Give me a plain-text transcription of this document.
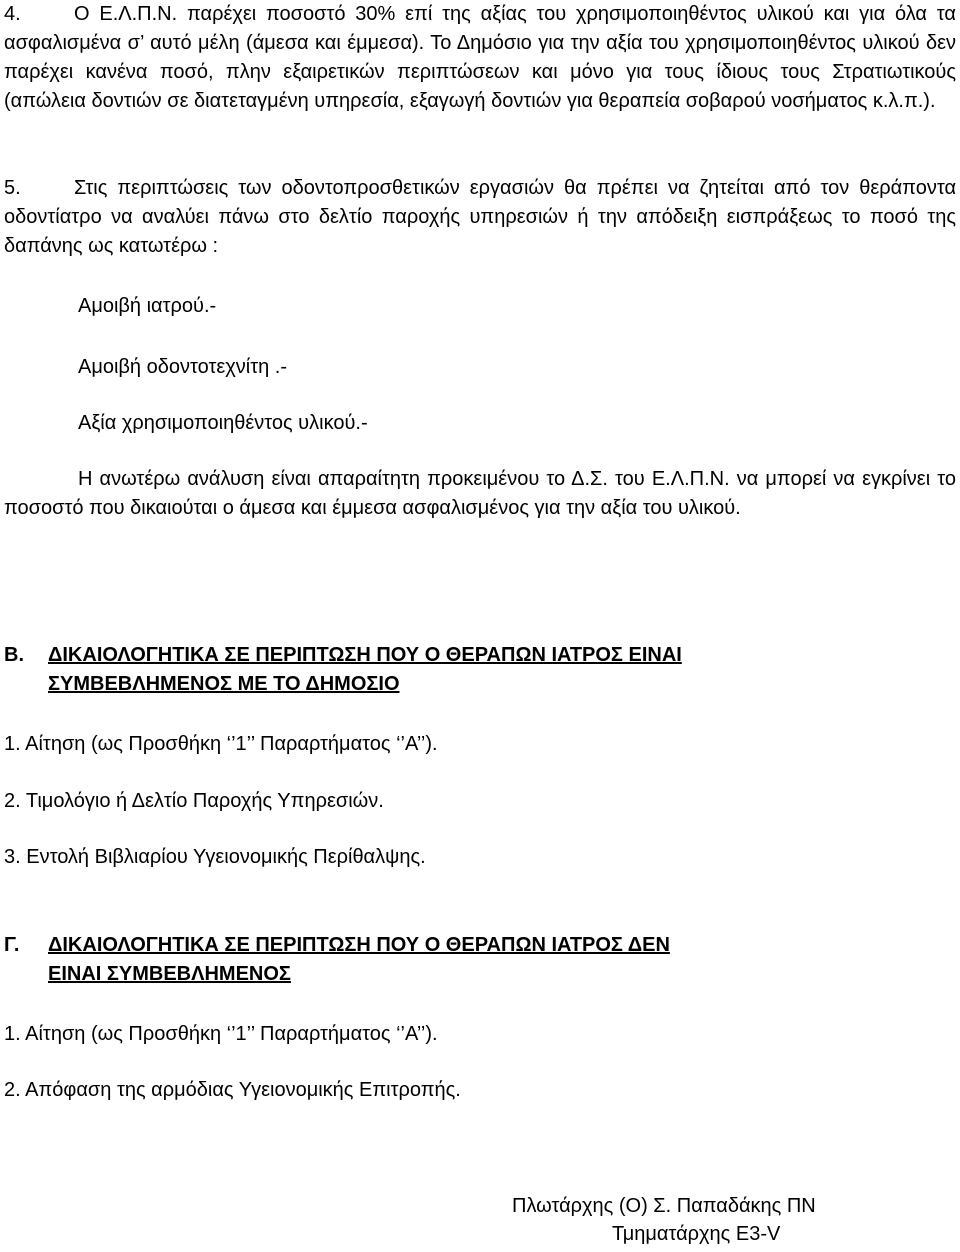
4.	Ο Ε.Λ.Π.Ν. παρέχει ποσοστό 30% επί της αξίας του χρησιμοποιηθέντος υλικού και για όλα τα ασφαλισμένα σ’ αυτό μέλη (άμεσα και έμμεσα). Το Δημόσιο για την αξία του χρησιμοποιηθέντος υλικού δεν παρέχει κανένα ποσό, πλην εξαιρετικών περιπτώσεων και μόνο για τους ίδιους τους Στρατιωτικούς (απώλεια δοντιών σε διατεταγμένη υπηρεσία, εξαγωγή δοντιών για θεραπεία σοβαρού νοσήματος κ.λ.π.).

5.	Στις περιπτώσεις των οδοντοπροσθετικών εργασιών θα πρέπει να ζητείται από τον θεράποντα οδοντίατρο να αναλύει πάνω στο δελτίο παροχής υπηρεσιών ή την απόδειξη εισπράξεως το ποσό της δαπάνης ως κατωτέρω :

Αμοιβή ιατρού.-

Αμοιβή οδοντοτεχνίτη .-

Αξία χρησιμοποιηθέντος υλικού.-

Η ανωτέρω ανάλυση είναι απαραίτητη προκειμένου το Δ.Σ. του Ε.Λ.Π.Ν. να μπορεί να εγκρίνει το ποσοστό που δικαιούται ο άμεσα και έμμεσα ασφαλισμένος για την αξία του υλικού.

Β. ΔΙΚΑΙΟΛΟΓΗΤΙΚΑ ΣΕ ΠΕΡΙΠΤΩΣΗ ΠΟΥ Ο ΘΕΡΑΠΩΝ ΙΑΤΡΟΣ ΕΙΝΑΙ
ΣΥΜΒΕΒΛΗΜΕΝΟΣ ΜΕ ΤΟ ΔΗΜΟΣΙΟ

1. Αίτηση (ως Προσθήκη ‘’1’’ Παραρτήματος ‘’Α’’).

2. Τιμολόγιο ή Δελτίο Παροχής Υπηρεσιών.

3. Εντολή Βιβλιαρίου Υγειονομικής Περίθαλψης.

Γ. ΔΙΚΑΙΟΛΟΓΗΤΙΚΑ ΣΕ ΠΕΡΙΠΤΩΣΗ ΠΟΥ Ο ΘΕΡΑΠΩΝ ΙΑΤΡΟΣ ΔΕΝ
ΕΙΝΑΙ ΣΥΜΒΕΒΛΗΜΕΝΟΣ

1. Αίτηση (ως Προσθήκη ‘’1’’ Παραρτήματος ‘’Α’’).

2. Απόφαση της αρμόδιας Υγειονομικής Επιτροπής.

Πλωτάρχης (Ο) Σ. Παπαδάκης ΠΝ

Τμηματάρχης Ε3-V
